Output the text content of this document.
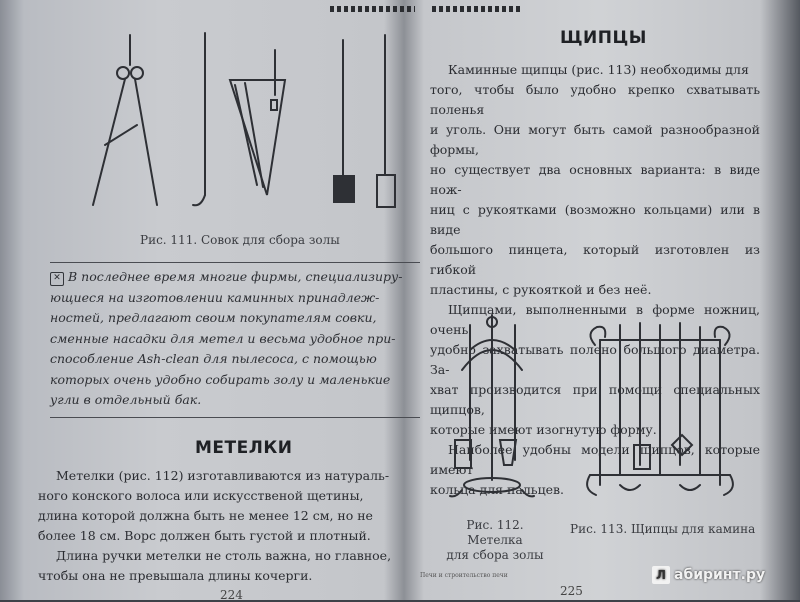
Рис. 111. Совок для сбора золы
✕ В последнее время многие фирмы, специализиру-
ющиеся на изготовлении каминных принадлеж-
ностей, предлагают своим покупателям совки,
сменные насадки для метел и весьма удобное при-
способление Ash-clean для пылесоса, с помощью
которых очень удобно собирать золу и маленькие
угли в отдельный бак.
МЕТЕЛКИ

Метелки (рис. 112) изготавливаются из натураль-

ного конского волоса или искусственой щетины,

длина которой должна быть не менее 12 см, но не

более 18 см. Ворс должен быть густой и плотный.

Длина ручки метелки не столь важна, но главное,

чтобы она не превышала длины кочерги.

224
ЩИПЦЫ

Каминные щипцы (рис. 113) необходимы для

того, чтобы было удобно крепко схватывать поленья

и уголь. Они могут быть самой разнообразной формы,

но существует два основных варианта: в виде нож-

ниц с рукоятками (возможно кольцами) или в виде

большого пинцета, который изготовлен из гибкой

пластины, с рукояткой и без неё.

Щипцами, выполненными в форме ножниц, очень

удобно захватывать полено большого диаметра. За-

хват производится при помощи специальных щипцов,

которые имеют изогнутую форму.

Наиболее удобны модели щипцов, которые имеют

кольца для пальцев.

Рис. 112. Метелка
для сбора золы
Рис. 113. Щипцы для камина
Печи и строительство печи
225
Л абиринт.ру
